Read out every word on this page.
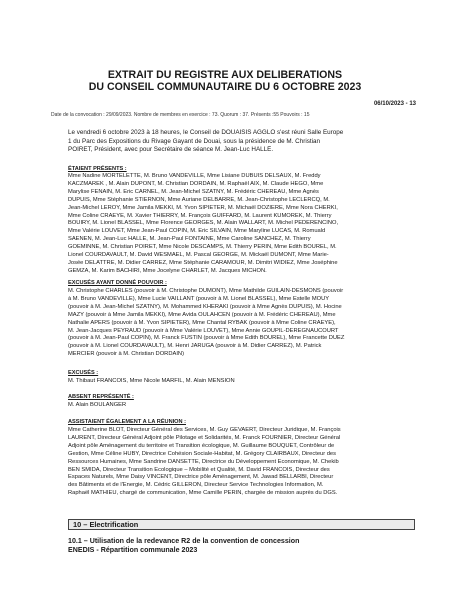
EXTRAIT DU REGISTRE AUX DELIBERATIONS
DU CONSEIL COMMUNAUTAIRE DU 6 OCTOBRE 2023
06/10/2023 - 13
Date de la convocation : 29/09/2023. Nombre de membres en exercice : 73. Quorum : 37. Présents :55 Pouvoirs : 15
Le vendredi 6 octobre 2023 à 18 heures, le Conseil de DOUAISIS AGGLO s'est réuni Salle Europe
1 du Parc des Expositions du Rivage Gayant de Douai, sous la présidence de M. Christian
POIRET, Président, avec pour Secrétaire de séance M. Jean-Luc HALLÉ.
ÉTAIENT PRÉSENTS :
Mme Nadine MORTELETTE, M. Bruno VANDEVILLE, Mme Lisiane DUBUIS DELSAUX, M. Freddy
KACZMAREK , M. Alain DUPONT, M. Christian DORDAIN, M. Raphaël AIX, M. Claude HÉGO, Mme
Marylise FENAIN, M. Eric CARNEL, M. Jean-Michel SZATNY, M. Frédéric CHEREAU, Mme Agnès
DUPUIS, Mme Stéphanie STIERNON, Mme Auriane DELBARRE, M. Jean-Christophe LECLERCQ, M.
Jean-Michel LEROY, Mme Jamila MEKKI, M. Yvon SIPIETER, M. Michaël DOZIERE, Mme Nora CHERKI,
Mme Coline CRAEYE, M. Xavier THIERRY, M. François GUIFFARD, M. Laurent KUMOREK, M. Thierry
BOUIRY, M. Lionel BLASSEL, Mme Florence GEORGES, M. Alain WALLART, M. Michel PEDERENCINO,
Mme Valérie LOUVET, Mme Jean-Paul COPIN, M. Eric SILVAIN, Mme Maryline LUCAS, M. Romuald
SAENEN, M. Jean-Luc HALLÉ, M. Jean-Paul FONTAINE, Mme Caroline SANCHEZ, M. Thierry
GOEMINNE, M. Christian POIRET, Mme Nicole DESCAMPS, M. Thierry PERIN, Mme Edith BOUREL, M.
Lionel COURDAVAULT, M. David WESMAEL, M. Pascal GEORGE, M. Mickaël DUMONT, Mme Marie-
Josée DELATTRE, M. Didier CARREZ, Mme Stéphanie CARAMOUR, M. Dimitri WIDIEZ, Mme Joséphine
GEMZA, M. Karim BACHIRI, Mme Jocelyne CHARLET, M. Jacques MICHON.
EXCUSÉS AYANT DONNÉ POUVOIR :
M. Christophe CHARLES (pouvoir à M. Christophe DUMONT), Mme Mathilde GUILAIN-DESMONS (pouvoir
à M. Bruno VANDEVILLE), Mme Lucie VAILLANT (pouvoir à M. Lionel BLASSEL), Mme Estelle MOUY
(pouvoir à M. Jean-Michel SZATNY), M. Mohammed KHERAKI (pouvoir à Mme Agnès DUPUIS), M. Hocine
MAZY (pouvoir à Mme Jamila MEKKI), Mme Avida OULAHCEN (pouvoir à M. Frédéric CHEREAU), Mme
Nathalie APERS (pouvoir à M. Yvon SIPIETER), Mme Chantal RYBAK (pouvoir à Mme Coline CRAEYE),
M. Jean-Jacques PEYRAUD (pouvoir à Mme Valérie LOUVET), Mme Annie GOUPIL-DEREGNAUCOURT
(pouvoir à M. Jean-Paul COPIN), M. Franck FUSTIN (pouvoir à Mme Edith BOUREL), Mme Francette DUEZ
(pouvoir à M. Lionel COURDAVAULT), M. Henri JARUGA (pouvoir à M. Didier CARREZ), M. Patrick
MERCIER (pouvoir à M. Christian DORDAIN)
EXCUSÉS :
M. Thibaut FRANCOIS, Mme Nicole MARFIL, M. Alain MENSION
ABSENT REPRÉSENTÉ :
M. Alain BOULANGER
ASSISTAIENT ÉGALEMENT A LA RÉUNION :
Mme Catherine BLOT, Directeur Général des Services, M. Guy GEVAERT, Directeur Juridique, M. François
LAURENT, Directeur Général Adjoint pôle Pilotage et Solidarités, M. Franck FOURNIER, Directeur Général
Adjoint pôle Aménagement du territoire et Transition écologique, M. Guillaume BOUQUET, Contrôleur de
Gestion, Mme Céline HUBY, Directrice Cohésion Sociale-Habitat, M. Grégory CLAIRBAUX, Directeur des
Ressources Humaines, Mme Sandrine DANSETTE, Directrice du Développement Economique, M. Chekib
BEN SMIDA, Directeur Transition Ecologique – Mobilité et Qualité, M. David FRANCOIS, Directeur des
Espaces Naturels, Mme Daisy VINCENT, Directrice pôle Aménagement, M. Jawad BELLARBI, Directeur
des Bâtiments et de l'Energie, M. Cédric GILLERON, Directeur Service Technologies Information, M.
Raphaël MATHIEU, chargé de communication, Mme Camille PERIN, chargée de mission auprès du DGS.
10 – Electrification
10.1 – Utilisation de la redevance R2 de la convention de concession
ENEDIS - Répartition communale 2023
